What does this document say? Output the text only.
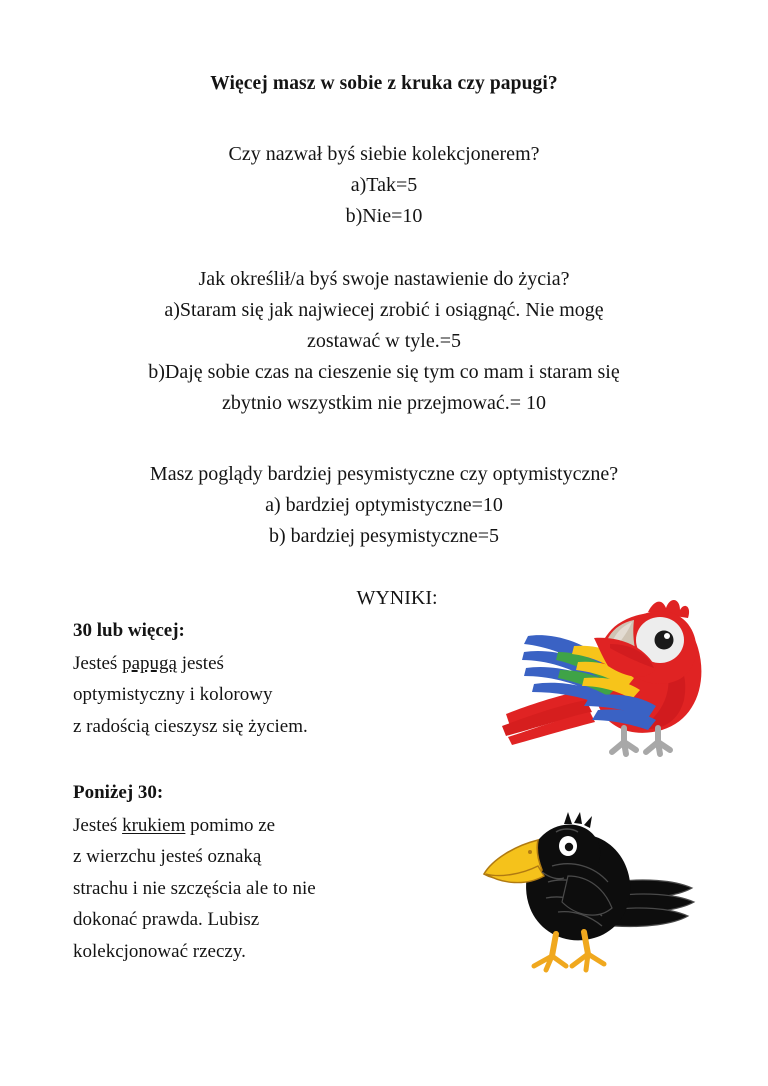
Więcej masz w sobie z kruka czy papugi?
Czy nazwał byś siebie kolekcjonerem?
a)Tak=5
b)Nie=10
Jak określił/a byś swoje nastawienie do życia?
a)Staram się jak najwiecej zrobić i osiągnąć. Nie mogę
zostawać w tyle.=5
b)Daję sobie czas na cieszenie się tym co mam i staram się
zbytnio wszystkim nie przejmować.= 10
Masz poglądy bardziej pesymistyczne czy optymistyczne?
a) bardziej optymistyczne=10
b) bardziej pesymistyczne=5
WYNIKI:
30 lub więcej:
Jesteś papugą jesteś
optymistyczny i kolorowy
z radością cieszysz się życiem.
Poniżej 30:
Jesteś krukiem pomimo ze
z wierzchu jesteś oznaką
strachu i nie szczęścia ale to nie
dokonać prawda. Lubisz
kolekcjonować rzeczy.
